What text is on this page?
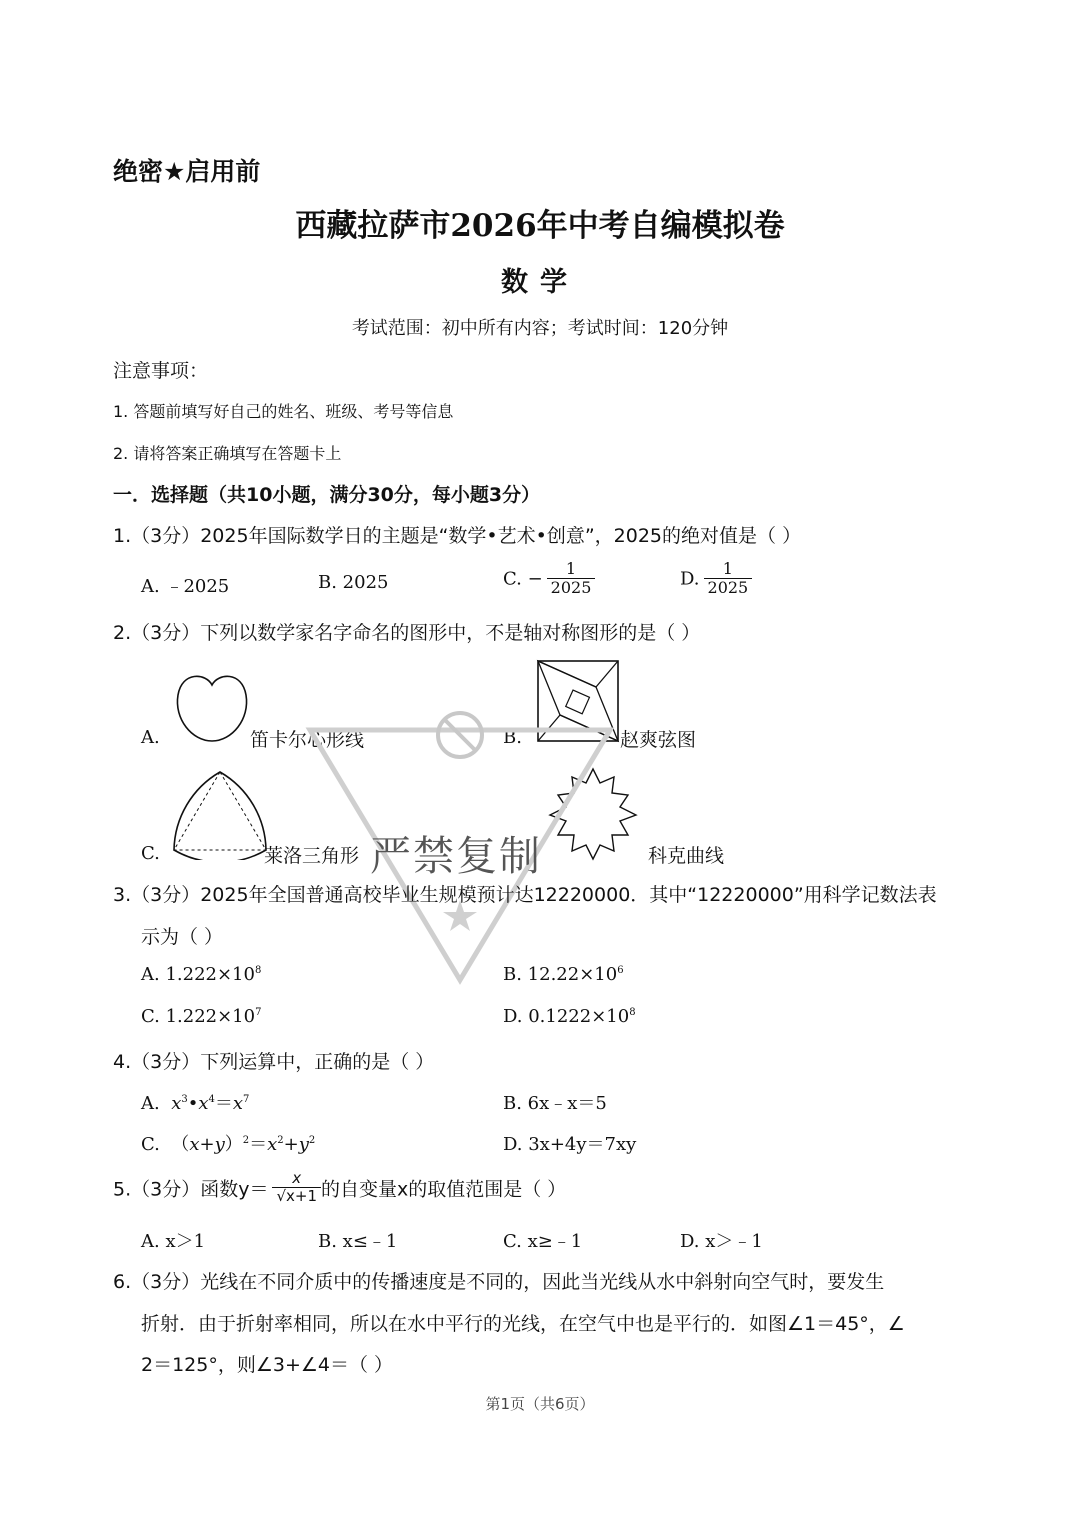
绝密★启用前
西藏拉萨市2026年中考自编模拟卷
数学
考试范围：初中所有内容；考试时间：120分钟
注意事项：
1. 答题前填写好自己的姓名、班级、考号等信息
2. 请将答案正确填写在答题卡上
一．选择题（共10小题，满分30分，每小题3分）
1.（3分）2025年国际数学日的主题是“数学•艺术•创意”，2025的绝对值是（ ）
A. ﹣2025	B. 2025	C. − $\frac{1}{2025}$	D. $\frac{1}{2025}$
2.（3分）下列以数学家名字命名的图形中，不是轴对称图形的是（ ）
A.	笛卡尔心形线	B.	赵爽弦图
C.	莱洛三角形	科克曲线
严禁复制
3.（3分）2025年全国普通高校毕业生规模预计达12220000．其中“12220000”用科学记数法表
示为（ ）
A. $1.222\times 10^8$	B. $12.22\times 10^6$
C. $1.222\times 10^7$	D. $0.1222\times 10^8$
4.（3分）下列运算中，正确的是（ ）
A. $x^3•x^4=x^7$	B. 6x﹣x＝5
C.  $(x+y)^2=x^2+y^2$	D. 3x+4y＝7xy
5.（3分）函数$y= \frac{x}{√x+1}$ 的自变量x的取值范围是（ ）
A. x＞1	B. x≤﹣1	C. x≥﹣1	D. x＞﹣1
6.（3分）光线在不同介质中的传播速度是不同的，因此当光线从水中斜射向空气时，要发生
折射．由于折射率相同，所以在水中平行的光线，在空气中也是平行的．如图∠1＝45°，∠
2＝125°，则∠3+∠4＝（ ）
第1页（共6页）
